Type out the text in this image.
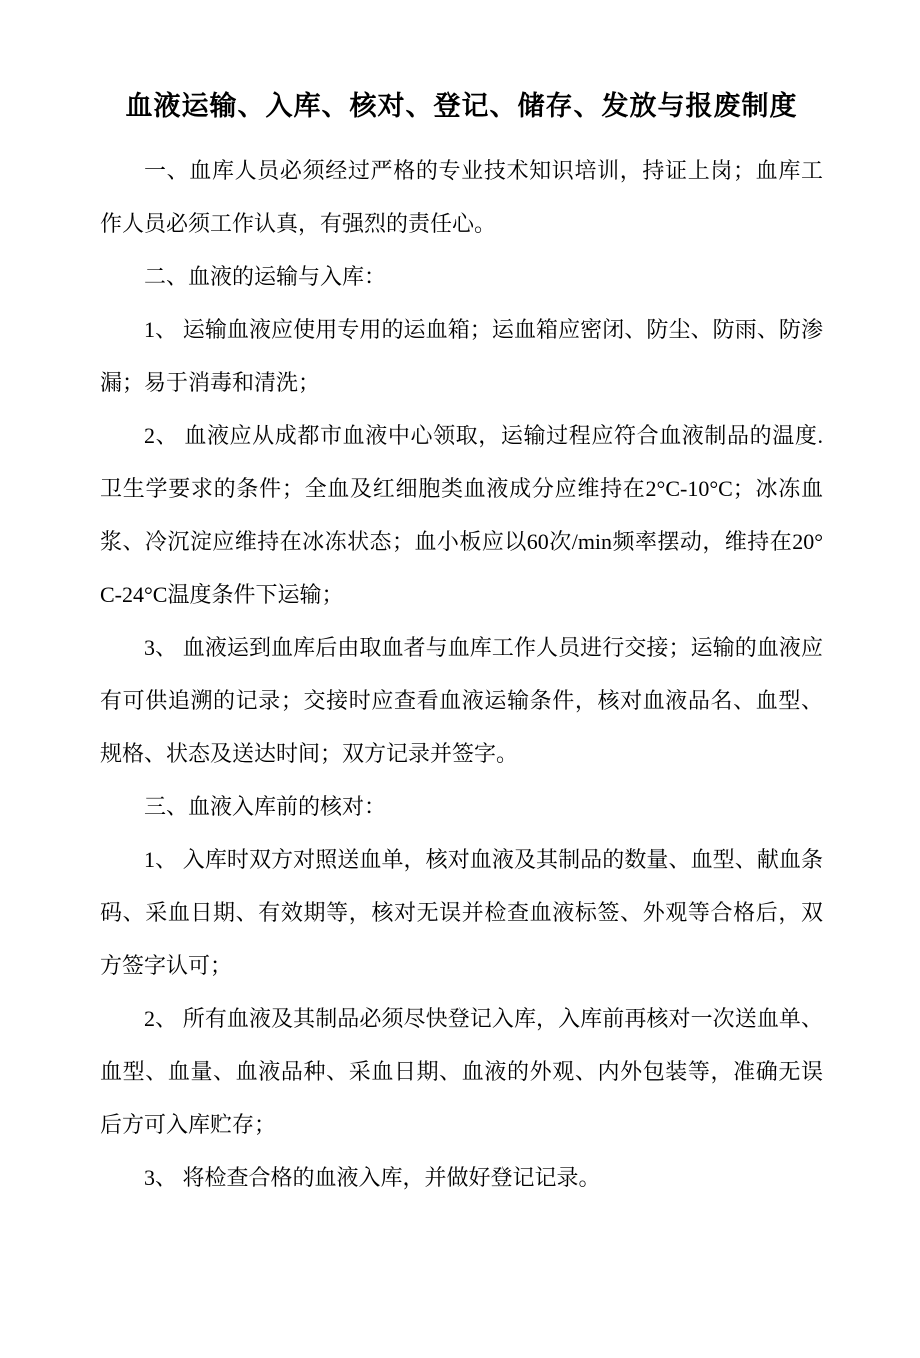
血液运输、入库、核对、登记、储存、发放与报废制度

一、血库人员必须经过严格的专业技术知识培训，持证上岗；血库工作人员必须工作认真，有强烈的责任心。

二、血液的运输与入库：

1、 运输血液应使用专用的运血箱；运血箱应密闭、防尘、防雨、防渗漏；易于消毒和清洗；

2、 血液应从成都市血液中心领取，运输过程应符合血液制品的温度. 卫生学要求的条件；全血及红细胞类血液成分应维持在2°C-10°C；冰冻血浆、冷沉淀应维持在冰冻状态；血小板应以60次/min频率摆动，维持在20°C-24°C温度条件下运输；

3、 血液运到血库后由取血者与血库工作人员进行交接；运输的血液应有可供追溯的记录；交接时应查看血液运输条件，核对血液品名、血型、规格、状态及送达时间；双方记录并签字。

三、血液入库前的核对：

1、 入库时双方对照送血单，核对血液及其制品的数量、血型、献血条码、采血日期、有效期等，核对无误并检查血液标签、外观等合格后，双方签字认可；

2、 所有血液及其制品必须尽快登记入库，入库前再核对一次送血单、血型、血量、血液品种、采血日期、血液的外观、内外包装等，准确无误后方可入库贮存；

3、 将检查合格的血液入库，并做好登记记录。
